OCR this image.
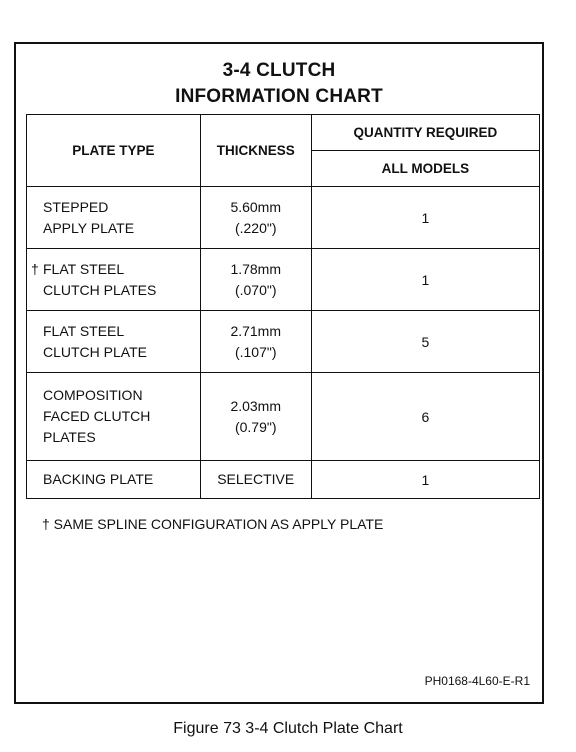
3-4 CLUTCH
INFORMATION CHART
PLATE TYPE	THICKNESS	QUANTITY REQUIRED
		ALL MODELS

STEPPED
APPLY PLATE	5.60mm
(.220")	1

† FLAT STEEL
CLUTCH PLATES	1.78mm
(.070")	1

FLAT STEEL
CLUTCH PLATE	2.71mm
(.107")	5

COMPOSITION
FACED CLUTCH
PLATES	2.03mm
(0.79")	6

BACKING PLATE	SELECTIVE	1
† SAME SPLINE CONFIGURATION AS APPLY PLATE
PH0168-4L60-E-R1
Figure 73 3-4 Clutch Plate Chart
